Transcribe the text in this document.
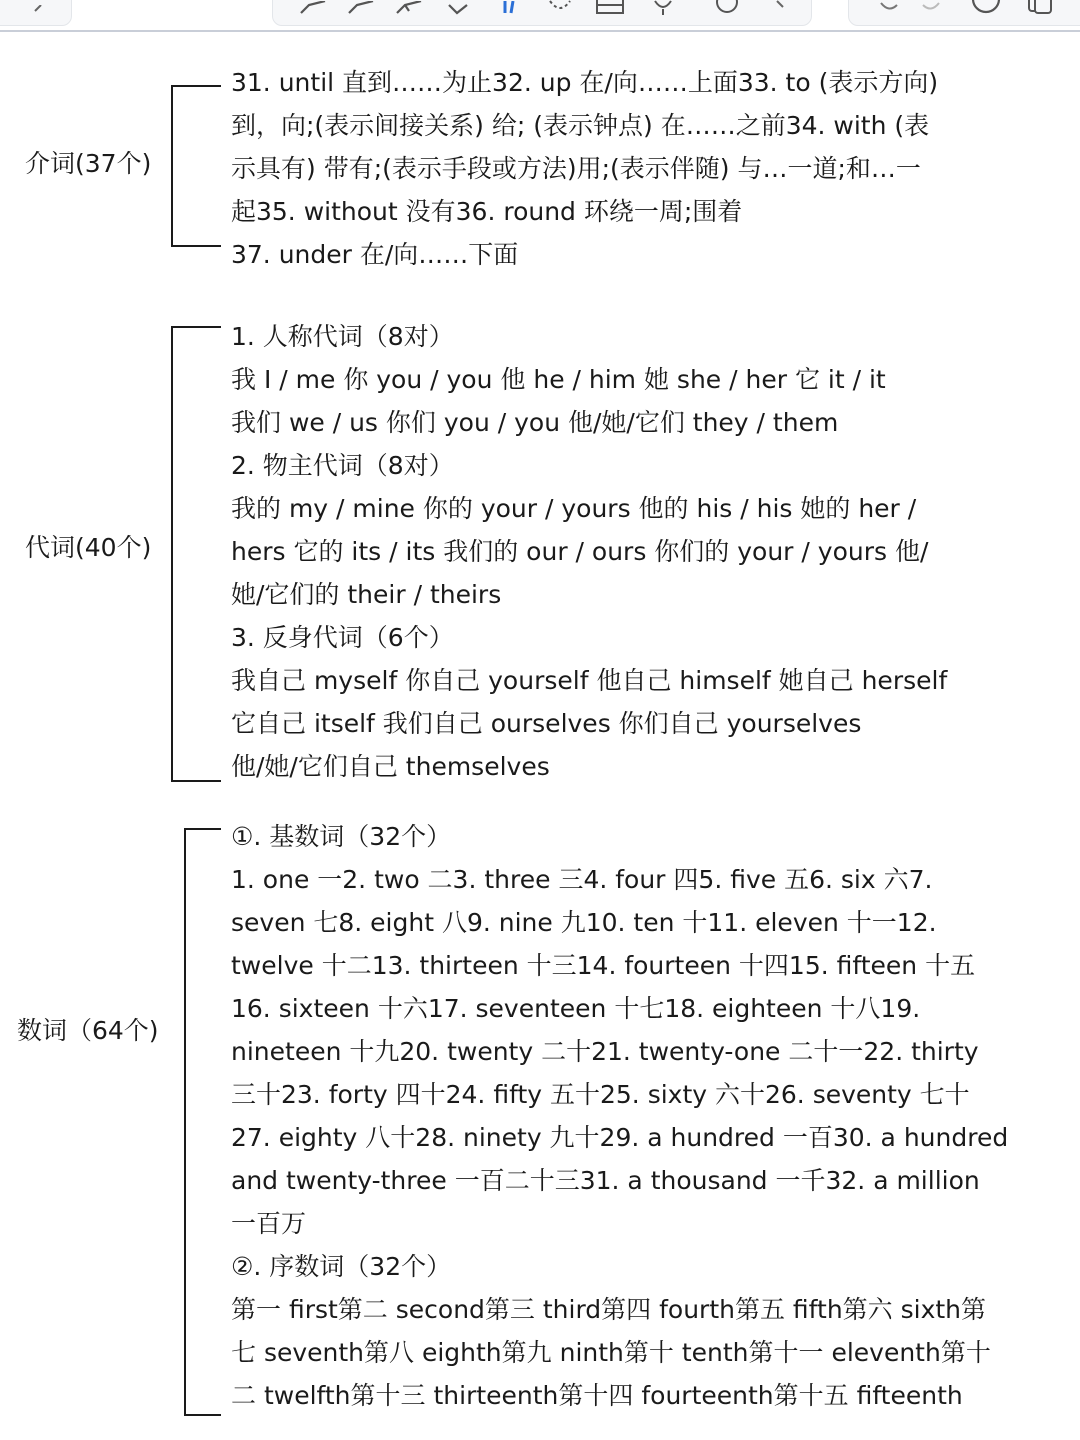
介词(37个)
31. until 直到……为止32. up 在/向……上面33. to (表示方向)
到，向;(表示间接关系) 给; (表示钟点) 在……之前34. with (表
示具有) 带有;(表示手段或方法)用;(表示伴随) 与…一道;和…一
起35. without 没有36. round 环绕一周;围着
37. under 在/向……下面
代词(40个)
1. 人称代词（8对）
我 I / me 你 you / you 他 he / him 她 she / her 它 it / it
我们 we / us 你们 you / you 他/她/它们 they / them
2. 物主代词（8对）
我的 my / mine 你的 your / yours 他的 his / his 她的 her /
hers 它的 its / its 我们的 our / ours 你们的 your / yours 他/
她/它们的 their / theirs
3. 反身代词（6个）
我自己 myself 你自己 yourself 他自己 himself 她自己 herself
它自己 itself 我们自己 ourselves 你们自己 yourselves
他/她/它们自己 themselves
数词（64个)
①. 基数词（32个）
1. one 一2. two 二3. three 三4. four 四5. five 五6. six 六7.
seven 七8. eight 八9. nine 九10. ten 十11. eleven 十一12.
twelve 十二13. thirteen 十三14. fourteen 十四15. fifteen 十五
16. sixteen 十六17. seventeen 十七18. eighteen 十八19.
nineteen 十九20. twenty 二十21. twenty-one 二十一22. thirty
三十23. forty 四十24. fifty 五十25. sixty 六十26. seventy 七十
27. eighty 八十28. ninety 九十29. a hundred 一百30. a hundred
and twenty-three 一百二十三31. a thousand 一千32. a million
一百万
②. 序数词（32个）
第一 first第二 second第三 third第四 fourth第五 fifth第六 sixth第
七 seventh第八 eighth第九 ninth第十 tenth第十一 eleventh第十
二 twelfth第十三 thirteenth第十四 fourteenth第十五 fifteenth
